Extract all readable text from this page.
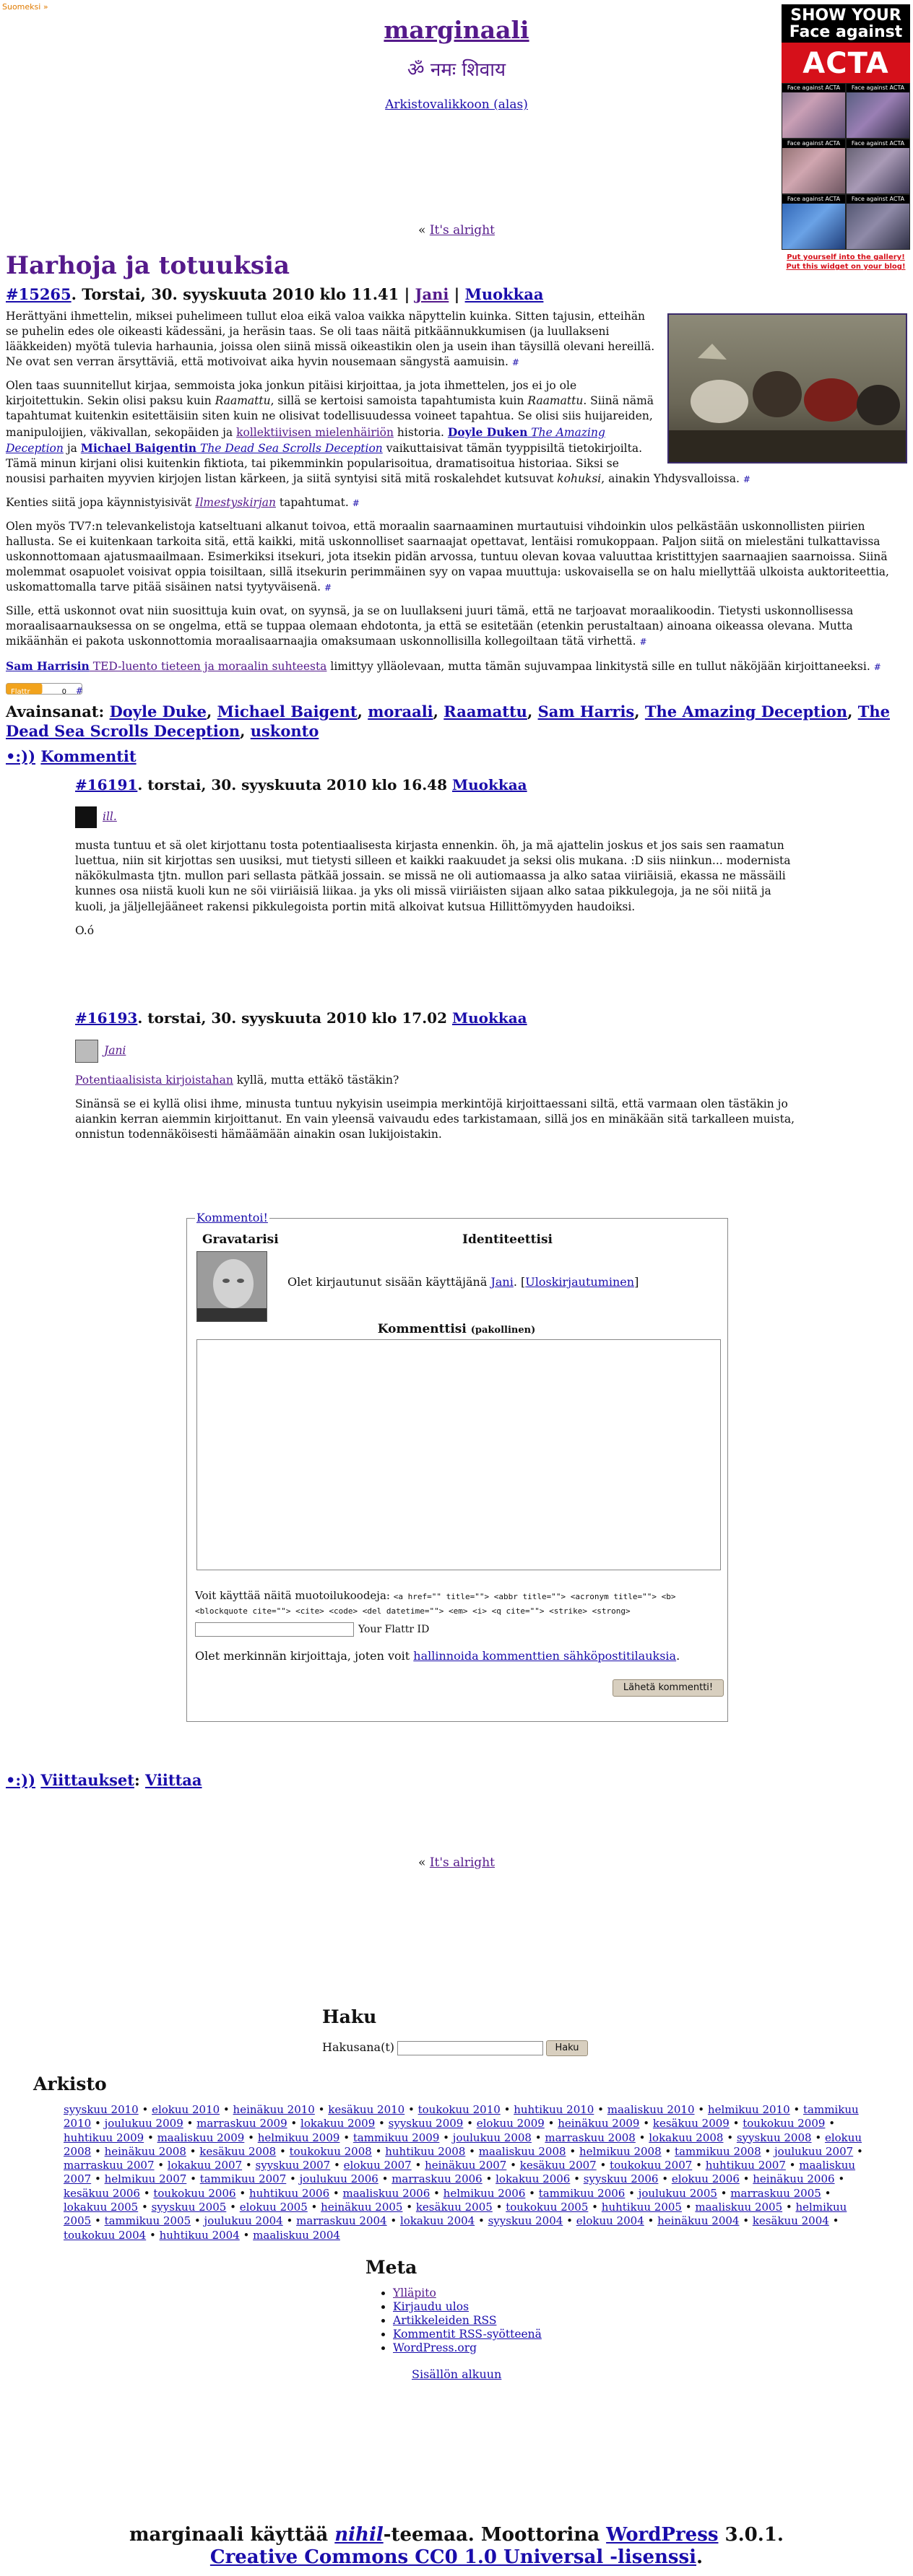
Suomeksi »
marginaali
ॐ नमः शिवाय
Arkistovalikkoon (alas)
« It's alright
SHOW YOUR
Face against
ACTA
Face against ACTA	Face against ACTA
Face against ACTA	Face against ACTA
Face against ACTA	Face against ACTA
Put yourself into the gallery!
Put this widget on your blog!
Harhoja ja totuuksia
#15265. Torstai, 30. syyskuuta 2010 klo 11.41 | Jani | Muokkaa

Herättyäni ihmettelin, miksei puhelimeen tullut eloa eikä valoa vaikka näpyttelin kuinka. Sitten tajusin, etteihän se puhelin edes ole oikeasti kädessäni, ja heräsin taas. Se oli taas näitä pitkäännukkumisen (ja luullakseni lääkkeiden) myötä tulevia harhaunia, joissa olen siinä missä oikeastikin olen ja usein ihan täysillä olevani hereillä. Ne ovat sen verran ärsyttäviä, että motivoivat aika hyvin nousemaan sängystä aamuisin. #

Olen taas suunnitellut kirjaa, semmoista joka jonkun pitäisi kirjoittaa, ja jota ihmettelen, jos ei jo ole kirjoitettukin. Sekin olisi paksu kuin Raamattu, sillä se kertoisi samoista tapahtumista kuin Raamattu. Siinä nämä tapahtumat kuitenkin esitettäisiin siten kuin ne olisivat todellisuudessa voineet tapahtua. Se olisi siis huijareiden, manipuloijien, väkivallan, sekopäiden ja kollektiivisen mielenhäiriön historia. Doyle Duken The Amazing Deception ja Michael Baigentin The Dead Sea Scrolls Deception vaikuttaisivat tämän tyyppisiltä tietokirjoilta. Tämä minun kirjani olisi kuitenkin fiktiota, tai pikemminkin popularisoitua, dramatisoitua historiaa. Siksi se nousisi parhaiten myyvien kirjojen listan kärkeen, ja siitä syntyisi sitä mitä roskalehdet kutsuvat kohuksi, ainakin Yhdysvalloissa. #

Kenties siitä jopa käynnistyisivät Ilmestyskirjan tapahtumat. #

Olen myös TV7:n televankelistoja katseltuani alkanut toivoa, että moraalin saarnaaminen murtautuisi vihdoinkin ulos pelkästään uskonnollisten piirien hallusta. Se ei kuitenkaan tarkoita sitä, että kaikki, mitä uskonnolliset saarnaajat opettavat, lentäisi romukoppaan. Paljon siitä on mielestäni tulkattavissa uskonnottomaan ajatusmaailmaan. Esimerkiksi itsekuri, jota itsekin pidän arvossa, tuntuu olevan kovaa valuuttaa kristittyjen saarnaajien saarnoissa. Siinä molemmat osapuolet voisivat oppia toisiltaan, sillä itsekurin perimmäinen syy on vapaa muuttuja: uskovaisella se on halu miellyttää ulkoista auktoriteettia, uskomattomalla tarve pitää sisäinen natsi tyytyväisenä. #

Sille, että uskonnot ovat niin suosittuja kuin ovat, on syynsä, ja se on luullakseni juuri tämä, että ne tarjoavat moraalikoodin. Tietysti uskonnollisessa moraalisaarnauksessa on se ongelma, että se tuppaa olemaan ehdotonta, ja että se esitetään (etenkin perustaltaan) ainoana oikeassa olevana. Mutta mikäänhän ei pakota uskonnottomia moraalisaarnaajia omaksumaan uskonnollisilla kollegoiltaan tätä virhettä. #

Sam Harrisin TED-luento tieteen ja moraalin suhteesta limittyy ylläolevaan, mutta tämän sujuvampaa linkitystä sille en tullut näköjään kirjoittaneeksi. #

Flattr	0 #

Avainsanat: Doyle Duke, Michael Baigent, moraali, Raamattu, Sam Harris, The Amazing Deception, The Dead Sea Scrolls Deception, uskonto
•:)) Kommentit
#16191. torstai, 30. syyskuuta 2010 klo 16.48 Muokkaa
ill.

musta tuntuu et sä olet kirjottanu tosta potentiaalisesta kirjasta ennenkin. öh, ja mä ajattelin joskus et jos sais sen raamatun luettua, niin sit kirjottas sen uusiksi, mut tietysti silleen et kaikki raakuudet ja seksi olis mukana. :D siis niinkun... modernista näkökulmasta tjtn. mullon pari sellasta pätkää jossain. se missä ne oli autiomaassa ja alko sataa viiriäisiä, ekassa ne mässäili kunnes osa niistä kuoli kun ne söi viiriäisiä liikaa. ja yks oli missä viiriäisten sijaan alko sataa pikkulegoja, ja ne söi niitä ja kuoli, ja jäljellejääneet rakensi pikkulegoista portin mitä alkoivat kutsua Hillittömyyden haudoiksi.

O.ó

#16193. torstai, 30. syyskuuta 2010 klo 17.02 Muokkaa
Jani

Potentiaalisista kirjoistahan kyllä, mutta ettäkö tästäkin?

Sinänsä se ei kyllä olisi ihme, minusta tuntuu nykyisin useimpia merkintöjä kirjoittaessani siltä, että varmaan olen tästäkin jo aiankin kerran aiemmin kirjoittanut. En vain yleensä vaivaudu edes tarkistamaan, sillä jos en minäkään sitä tarkalleen muista, onnistun todennäköisesti hämäämään ainakin osan lukijoistakin.

Kommentoi!
Gravatarisi	Identiteettisi
Olet kirjautunut sisään käyttäjänä Jani. [Uloskirjautuminen]
Kommenttisi (pakollinen)
Voit käyttää näitä muotoilukoodeja: <a href="" title=""> <abbr title=""> <acronym title=""> <b> <blockquote cite=""> <cite> <code> <del datetime=""> <em> <i> <q cite=""> <strike> <strong>
Your Flattr ID
Olet merkinnän kirjoittaja, joten voit hallinnoida kommenttien sähköpostitilauksia.
Lähetä kommentti!
•:)) Viittaukset: Viittaa
« It's alright
Haku
Hakusana(t)	Haku
Arkisto
syyskuu 2010 • elokuu 2010 • heinäkuu 2010 • kesäkuu 2010 • toukokuu 2010 • huhtikuu 2010 • maaliskuu 2010 • helmikuu 2010 • tammikuu 2010 • joulukuu 2009 • marraskuu 2009 • lokakuu 2009 • syyskuu 2009 • elokuu 2009 • heinäkuu 2009 • kesäkuu 2009 • toukokuu 2009 • huhtikuu 2009 • maaliskuu 2009 • helmikuu 2009 • tammikuu 2009 • joulukuu 2008 • marraskuu 2008 • lokakuu 2008 • syyskuu 2008 • elokuu 2008 • heinäkuu 2008 • kesäkuu 2008 • toukokuu 2008 • huhtikuu 2008 • maaliskuu 2008 • helmikuu 2008 • tammikuu 2008 • joulukuu 2007 • marraskuu 2007 • lokakuu 2007 • syyskuu 2007 • elokuu 2007 • heinäkuu 2007 • kesäkuu 2007 • toukokuu 2007 • huhtikuu 2007 • maaliskuu 2007 • helmikuu 2007 • tammikuu 2007 • joulukuu 2006 • marraskuu 2006 • lokakuu 2006 • syyskuu 2006 • elokuu 2006 • heinäkuu 2006 • kesäkuu 2006 • toukokuu 2006 • huhtikuu 2006 • maaliskuu 2006 • helmikuu 2006 • tammikuu 2006 • joulukuu 2005 • marraskuu 2005 • lokakuu 2005 • syyskuu 2005 • elokuu 2005 • heinäkuu 2005 • kesäkuu 2005 • toukokuu 2005 • huhtikuu 2005 • maaliskuu 2005 • helmikuu 2005 • tammikuu 2005 • joulukuu 2004 • marraskuu 2004 • lokakuu 2004 • syyskuu 2004 • elokuu 2004 • heinäkuu 2004 • kesäkuu 2004 • toukokuu 2004 • huhtikuu 2004 • maaliskuu 2004
Meta
• Ylläpito
• Kirjaudu ulos
• Artikkeleiden RSS
• Kommentit RSS-syötteenä
• WordPress.org
Sisällön alkuun
marginaali käyttää nihil-teemaa. Moottorina WordPress 3.0.1.
Creative Commons CC0 1.0 Universal -lisenssi.
